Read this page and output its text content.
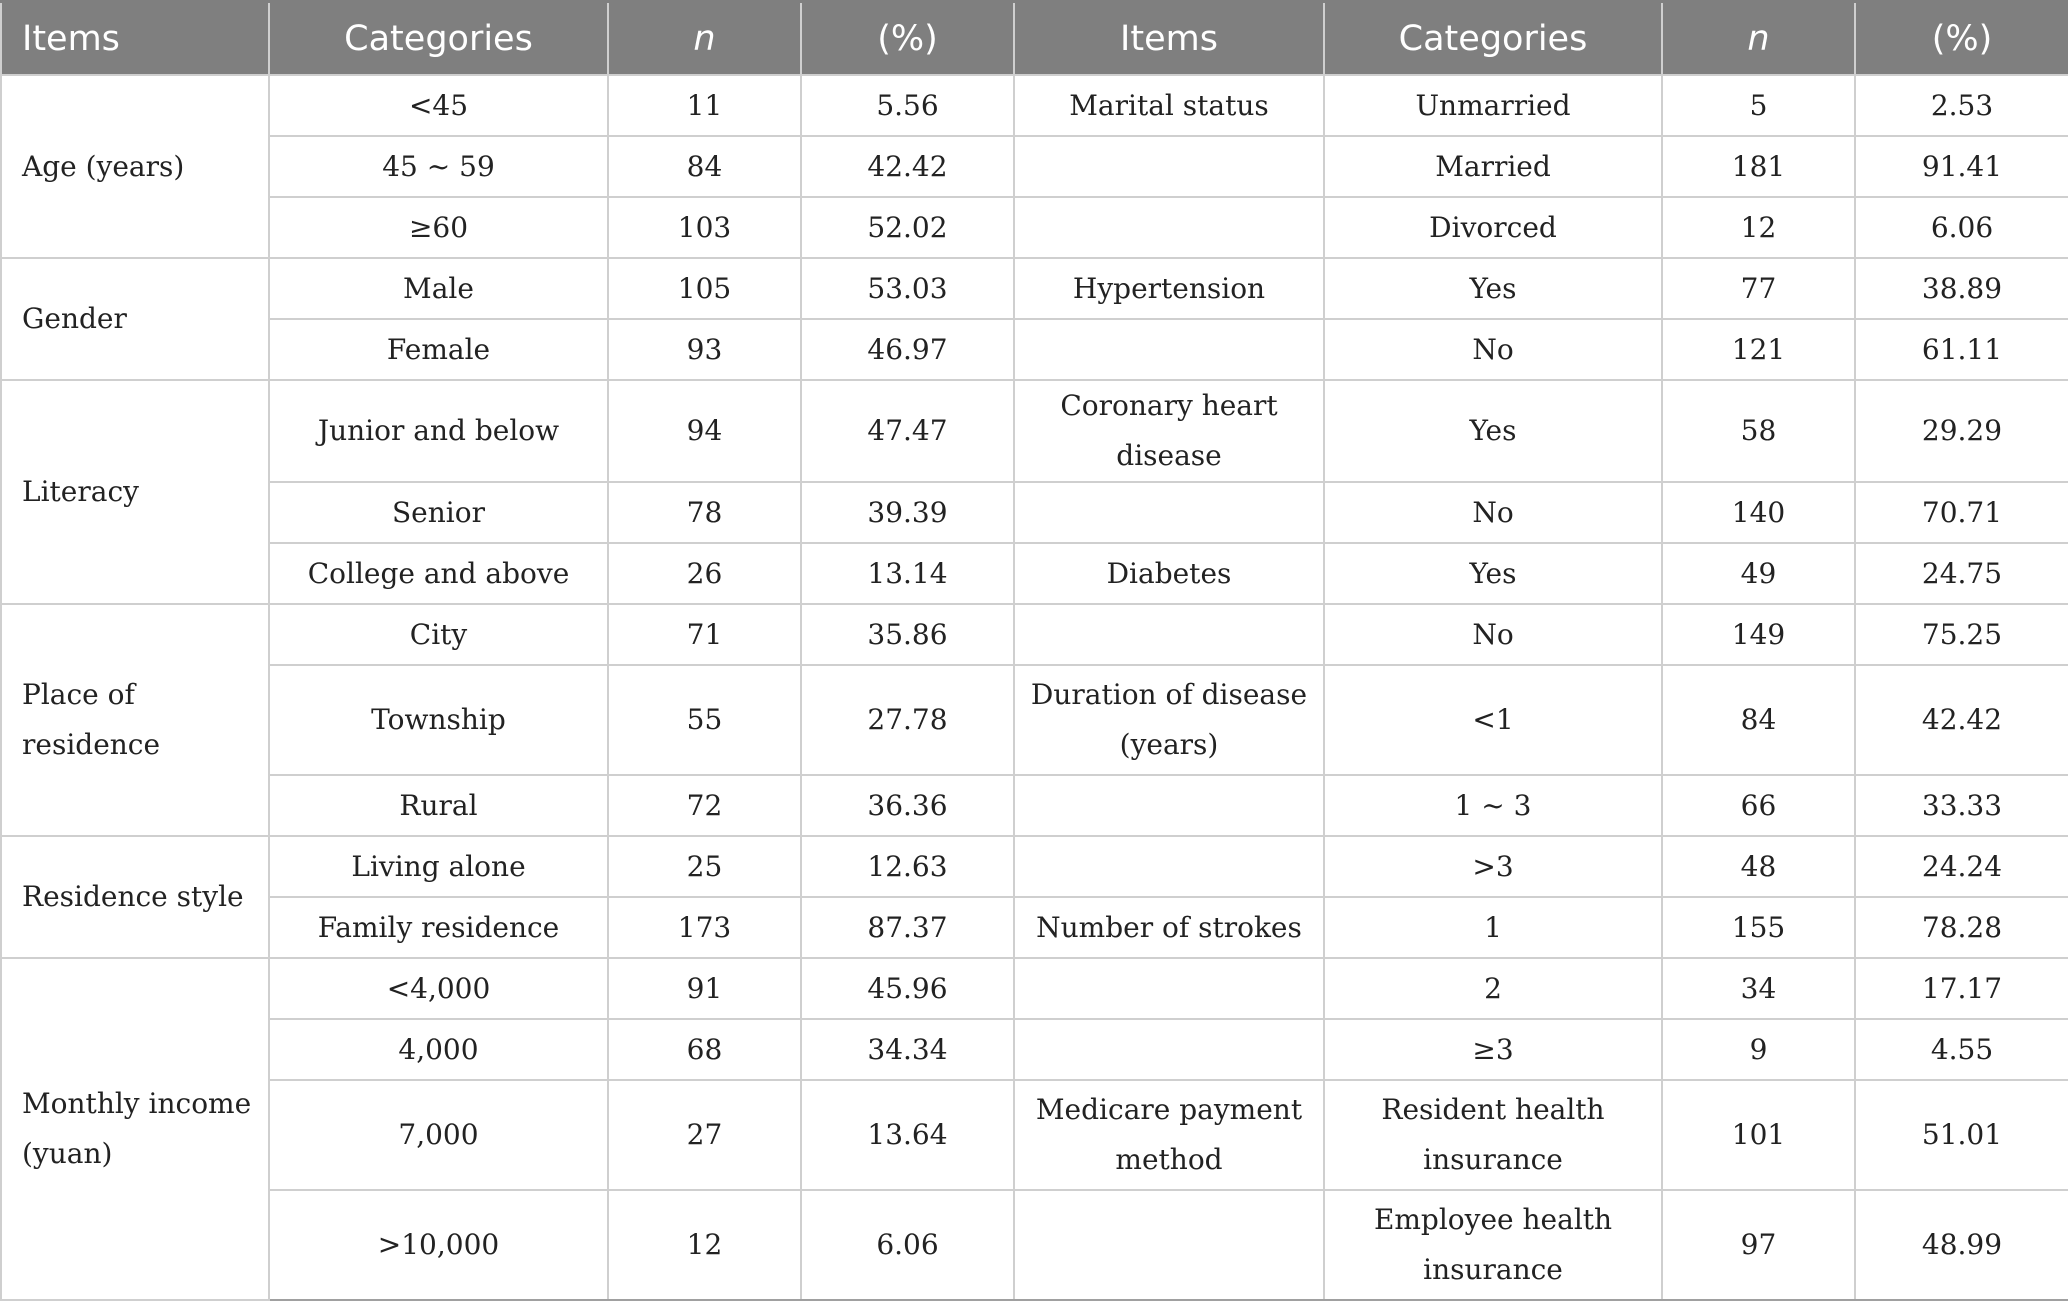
Items	Categories	n	(%)	Items	Categories	n	(%)
Age (years)	<45	11	5.56	Marital status	Unmarried	5	2.53
	45 ~ 59	84	42.42		Married	181	91.41
	≥60	103	52.02		Divorced	12	6.06
Gender	Male	105	53.03	Hypertension	Yes	77	38.89
	Female	93	46.97		No	121	61.11
Literacy	Junior and below	94	47.47	Coronary heart disease	Yes	58	29.29
	Senior	78	39.39		No	140	70.71
	College and above	26	13.14	Diabetes	Yes	49	24.75
Place of residence	City	71	35.86		No	149	75.25
	Township	55	27.78	Duration of disease (years)	<1	84	42.42
	Rural	72	36.36		1 ~ 3	66	33.33
Residence style	Living alone	25	12.63		>3	48	24.24
	Family residence	173	87.37	Number of strokes	1	155	78.28
Monthly income (yuan)	<4,000	91	45.96		2	34	17.17
	4,000	68	34.34		≥3	9	4.55
	7,000	27	13.64	Medicare payment method	Resident health insurance	101	51.01
	>10,000	12	6.06		Employee health insurance	97	48.99
